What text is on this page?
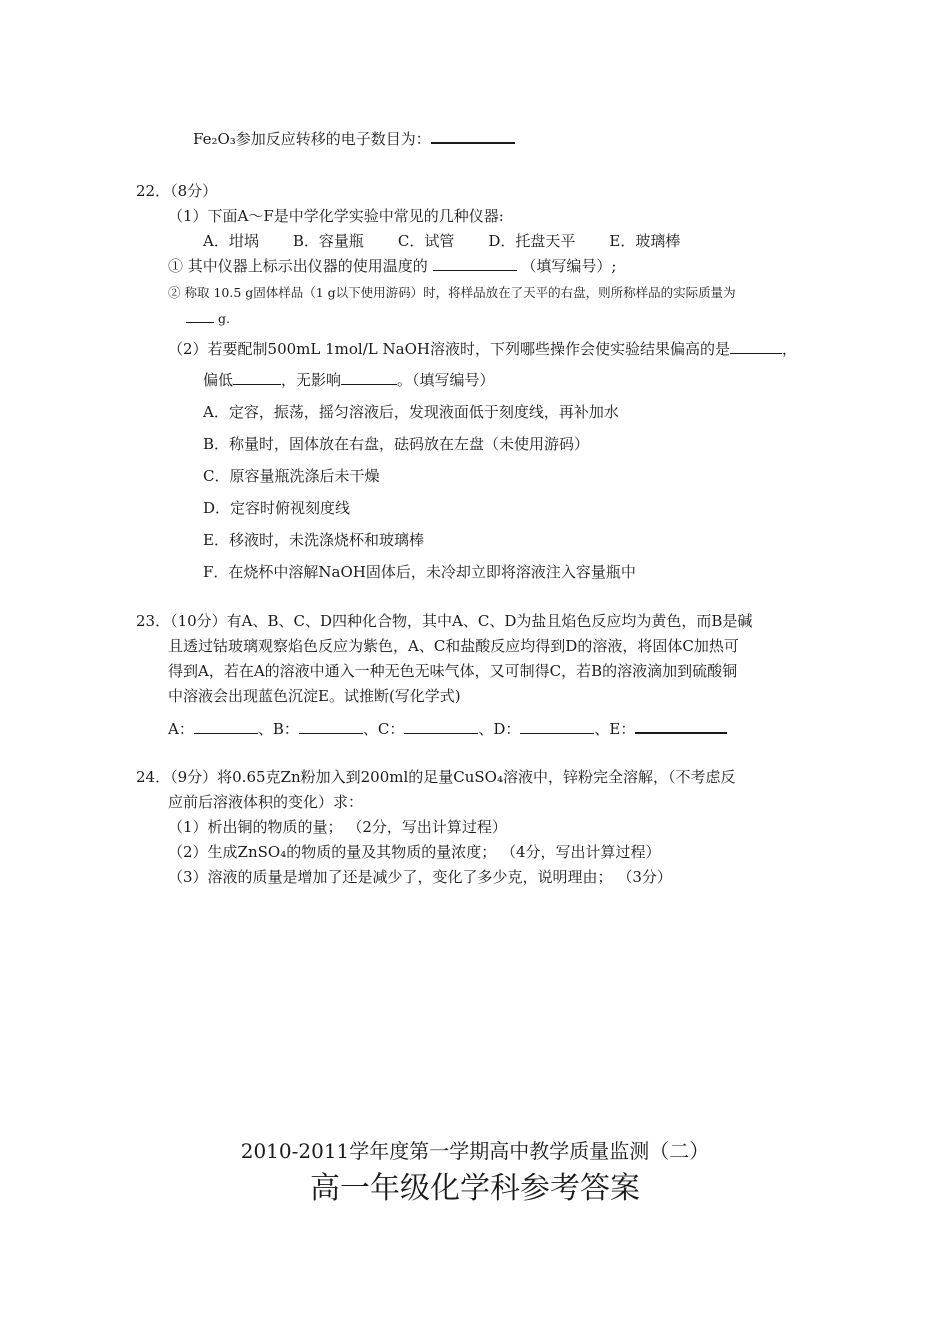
Fe₂O₃参加反应转移的电子数目为：
22．（8分）
（1）下面A～F是中学化学实验中常见的几种仪器:
A．坩埚 B．容量瓶 C．试管 D．托盘天平 E．玻璃棒
① 其中仪器上标示出仪器的使用温度的	（填写编号）;
② 称取 10.5 g固体样品（1 g以下使用游码）时，将样品放在了天平的右盘，则所称样品的实际质量为
g.
（2）若要配制500mL 1mol/L NaOH溶液时，下列哪些操作会使实验结果偏高的是	，
偏低	，无影响	。（填写编号）
A．定容，振荡，摇匀溶液后，发现液面低于刻度线，再补加水
B．称量时，固体放在右盘，砝码放在左盘（未使用游码）
C．原容量瓶洗涤后未干燥
D．定容时俯视刻度线
E．移液时，未洗涤烧杯和玻璃棒
F．在烧杯中溶解NaOH固体后，未冷却立即将溶液注入容量瓶中
23．（10分）有A、B、C、D四种化合物，其中A、C、D为盐且焰色反应均为黄色，而B是碱
且透过钴玻璃观察焰色反应为紫色，A、C和盐酸反应均得到D的溶液，将固体C加热可
得到A，若在A的溶液中通入一种无色无味气体，又可制得C，若B的溶液滴加到硫酸铜
中溶液会出现蓝色沉淀E。试推断(写化学式)
A：	、B：	、C：	、D：	、E：
24．（9分）将0.65克Zn粉加入到200ml的足量CuSO₄溶液中，锌粉完全溶解，（不考虑反
应前后溶液体积的变化）求：
（1）析出铜的物质的量； （2分，写出计算过程）
（2）生成ZnSO₄的物质的量及其物质的量浓度； （4分，写出计算过程）
（3）溶液的质量是增加了还是减少了，变化了多少克，说明理由； （3分）
2010-2011学年度第一学期高中教学质量监测（二）
高一年级化学科参考答案
